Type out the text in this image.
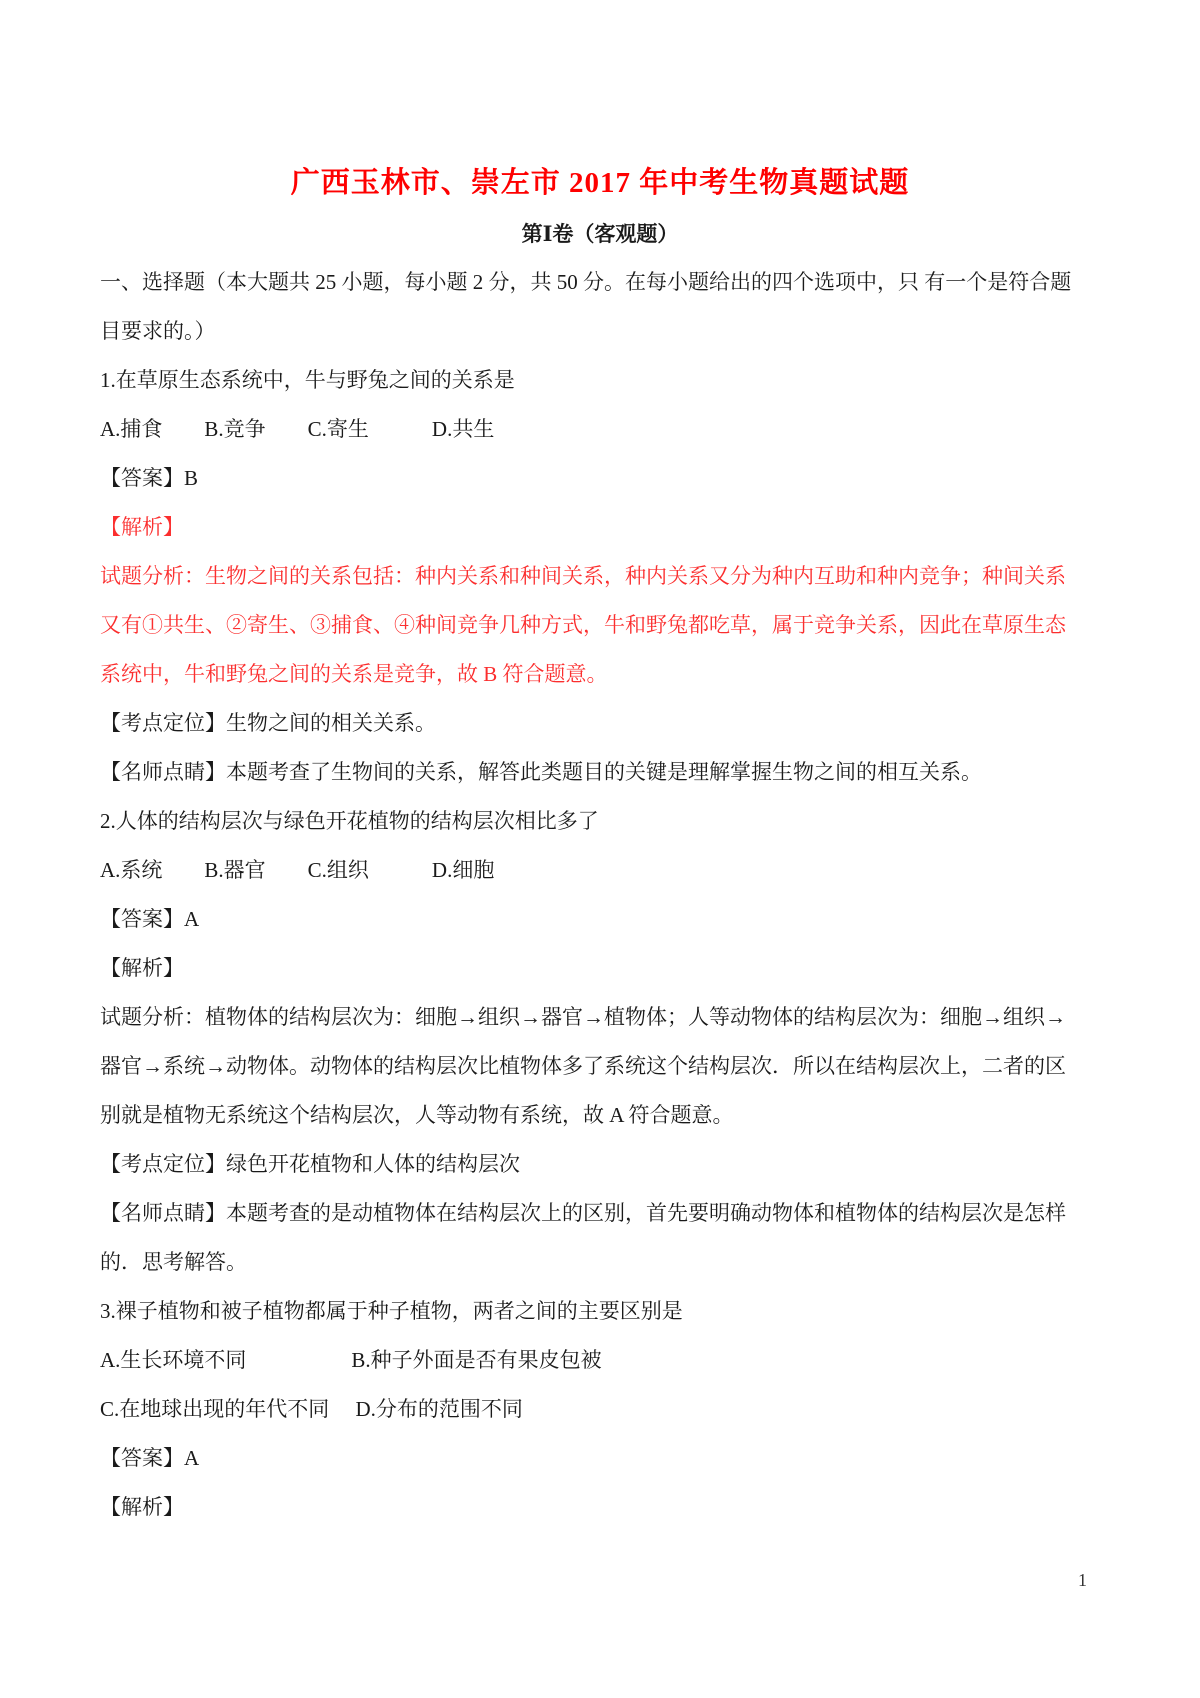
广西玉林市、崇左市 2017 年中考生物真题试题
第Ⅰ卷（客观题）
一、选择题（本大题共 25 小题，每小题 2 分，共 50 分。在每小题给出的四个选项中，只 有一个是符合题
目要求的。）
1.在草原生态系统中，牛与野兔之间的关系是
A.捕食　　B.竞争　　C.寄生　　　D.共生
【答案】B
【解析】
试题分析：生物之间的关系包括：种内关系和种间关系，种内关系又分为种内互助和种内竞争；种间关系
又有①共生、②寄生、③捕食、④种间竞争几种方式，牛和野兔都吃草，属于竞争关系，因此在草原生态
系统中，牛和野兔之间的关系是竞争，故 B 符合题意。
【考点定位】生物之间的相关关系。
【名师点睛】本题考查了生物间的关系，解答此类题目的关键是理解掌握生物之间的相互关系。
2.人体的结构层次与绿色开花植物的结构层次相比多了
A.系统　　B.器官　　C.组织　　　D.细胞
【答案】A
【解析】
试题分析：植物体的结构层次为：细胞→组织→器官→植物体；人等动物体的结构层次为：细胞→组织→
器官→系统→动物体。动物体的结构层次比植物体多了系统这个结构层次．所以在结构层次上，二者的区
别就是植物无系统这个结构层次，人等动物有系统，故 A 符合题意。
【考点定位】绿色开花植物和人体的结构层次
【名师点睛】本题考查的是动植物体在结构层次上的区别，首先要明确动物体和植物体的结构层次是怎样
的．思考解答。
3.裸子植物和被子植物都属于种子植物，两者之间的主要区别是
A.生长环境不同　　　　　B.种子外面是否有果皮包被
C.在地球出现的年代不同　 D.分布的范围不同
【答案】A
【解析】
1
